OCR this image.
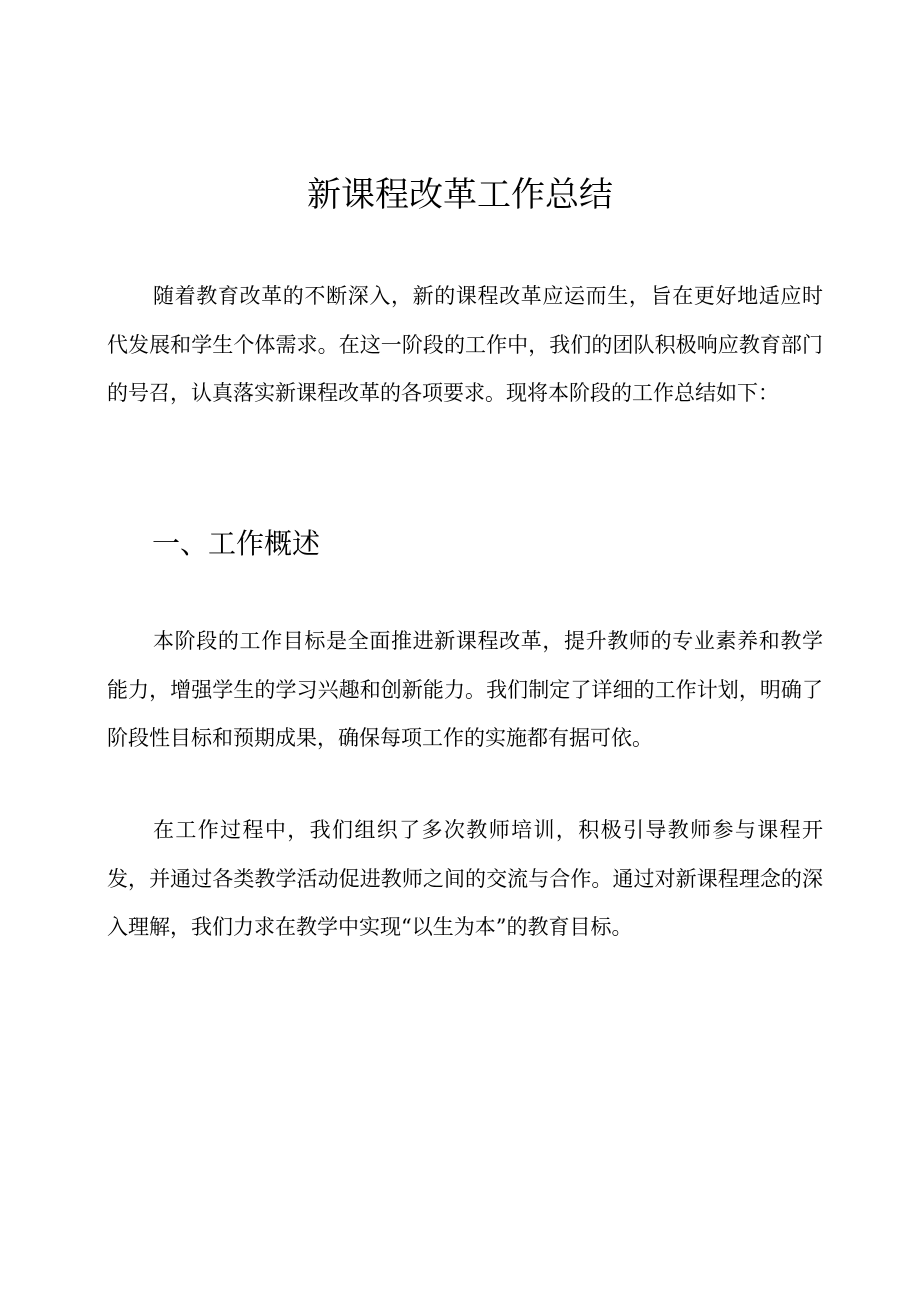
新课程改革工作总结

随着教育改革的不断深入，新的课程改革应运而生，旨在更好地适应时代发展和学生个体需求。在这一阶段的工作中，我们的团队积极响应教育部门的号召，认真落实新课程改革的各项要求。现将本阶段的工作总结如下：

一、工作概述

本阶段的工作目标是全面推进新课程改革，提升教师的专业素养和教学能力，增强学生的学习兴趣和创新能力。我们制定了详细的工作计划，明确了阶段性目标和预期成果，确保每项工作的实施都有据可依。

在工作过程中，我们组织了多次教师培训，积极引导教师参与课程开发，并通过各类教学活动促进教师之间的交流与合作。通过对新课程理念的深入理解，我们力求在教学中实现“以生为本”的教育目标。
